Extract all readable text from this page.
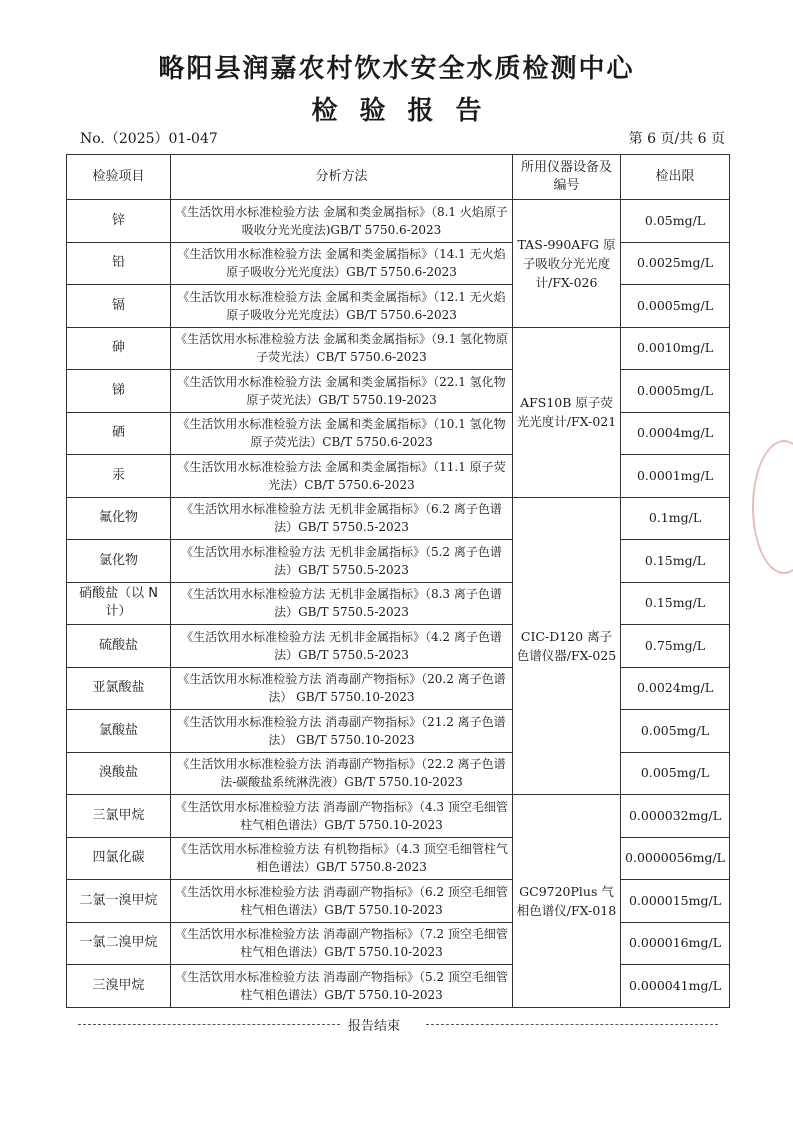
略阳县润嘉农村饮水安全水质检测中心
检验报告
No.（2025）01-047	第 6 页/共 6 页
检验项目	分析方法	所用仪器设备及编号	检出限
锌	《生活饮用水标准检验方法 金属和类金属指标》（8.1 火焰原子吸收分光光度法)GB/T 5750.6-2023	TAS-990AFG 原子吸收分光光度计/FX-026	0.05mg/L
铅	《生活饮用水标准检验方法 金属和类金属指标》（14.1 无火焰原子吸收分光光度法）GB/T 5750.6-2023		0.0025mg/L
镉	《生活饮用水标准检验方法 金属和类金属指标》（12.1 无火焰原子吸收分光光度法）GB/T 5750.6-2023		0.0005mg/L
砷	《生活饮用水标准检验方法 金属和类金属指标》（9.1 氢化物原子荧光法）CB/T 5750.6-2023	AFS10B 原子荧光光度计/FX-021	0.0010mg/L
锑	《生活饮用水标准检验方法 金属和类金属指标》（22.1 氢化物原子荧光法）GB/T 5750.19-2023		0.0005mg/L
硒	《生活饮用水标准检验方法 金属和类金属指标》（10.1 氢化物原子荧光法）CB/T 5750.6-2023		0.0004mg/L
汞	《生活饮用水标准检验方法 金属和类金属指标》（11.1 原子荧光法）CB/T 5750.6-2023		0.0001mg/L
氟化物	《生活饮用水标准检验方法 无机非金属指标》（6.2 离子色谱法）GB/T 5750.5-2023	CIC-D120 离子色谱仪器/FX-025	0.1mg/L
氯化物	《生活饮用水标准检验方法 无机非金属指标》（5.2 离子色谱法）GB/T 5750.5-2023		0.15mg/L
硝酸盐（以 N 计）	《生活饮用水标准检验方法 无机非金属指标》（8.3 离子色谱法）GB/T 5750.5-2023		0.15mg/L
硫酸盐	《生活饮用水标准检验方法 无机非金属指标》（4.2 离子色谱法）GB/T 5750.5-2023		0.75mg/L
亚氯酸盐	《生活饮用水标准检验方法 消毒副产物指标》（20.2 离子色谱法） GB/T 5750.10-2023		0.0024mg/L
氯酸盐	《生活饮用水标准检验方法 消毒副产物指标》（21.2 离子色谱法） GB/T 5750.10-2023		0.005mg/L
溴酸盐	《生活饮用水标准检验方法 消毒副产物指标》（22.2 离子色谱法-碳酸盐系统淋洗液）GB/T 5750.10-2023		0.005mg/L
三氯甲烷	《生活饮用水标准检验方法 消毒副产物指标》（4.3 顶空毛细管柱气相色谱法）GB/T 5750.10-2023	GC9720Plus 气相色谱仪/FX-018	0.000032mg/L
四氯化碳	《生活饮用水标准检验方法 有机物指标》（4.3 顶空毛细管柱气相色谱法）GB/T 5750.8-2023		0.0000056mg/L
二氯一溴甲烷	《生活饮用水标准检验方法 消毒副产物指标》（6.2 顶空毛细管柱气相色谱法）GB/T 5750.10-2023		0.000015mg/L
一氯二溴甲烷	《生活饮用水标准检验方法 消毒副产物指标》（7.2 顶空毛细管柱气相色谱法）GB/T 5750.10-2023		0.000016mg/L
三溴甲烷	《生活饮用水标准检验方法 消毒副产物指标》（5.2 顶空毛细管柱气相色谱法）GB/T 5750.10-2023		0.000041mg/L
报告结束
